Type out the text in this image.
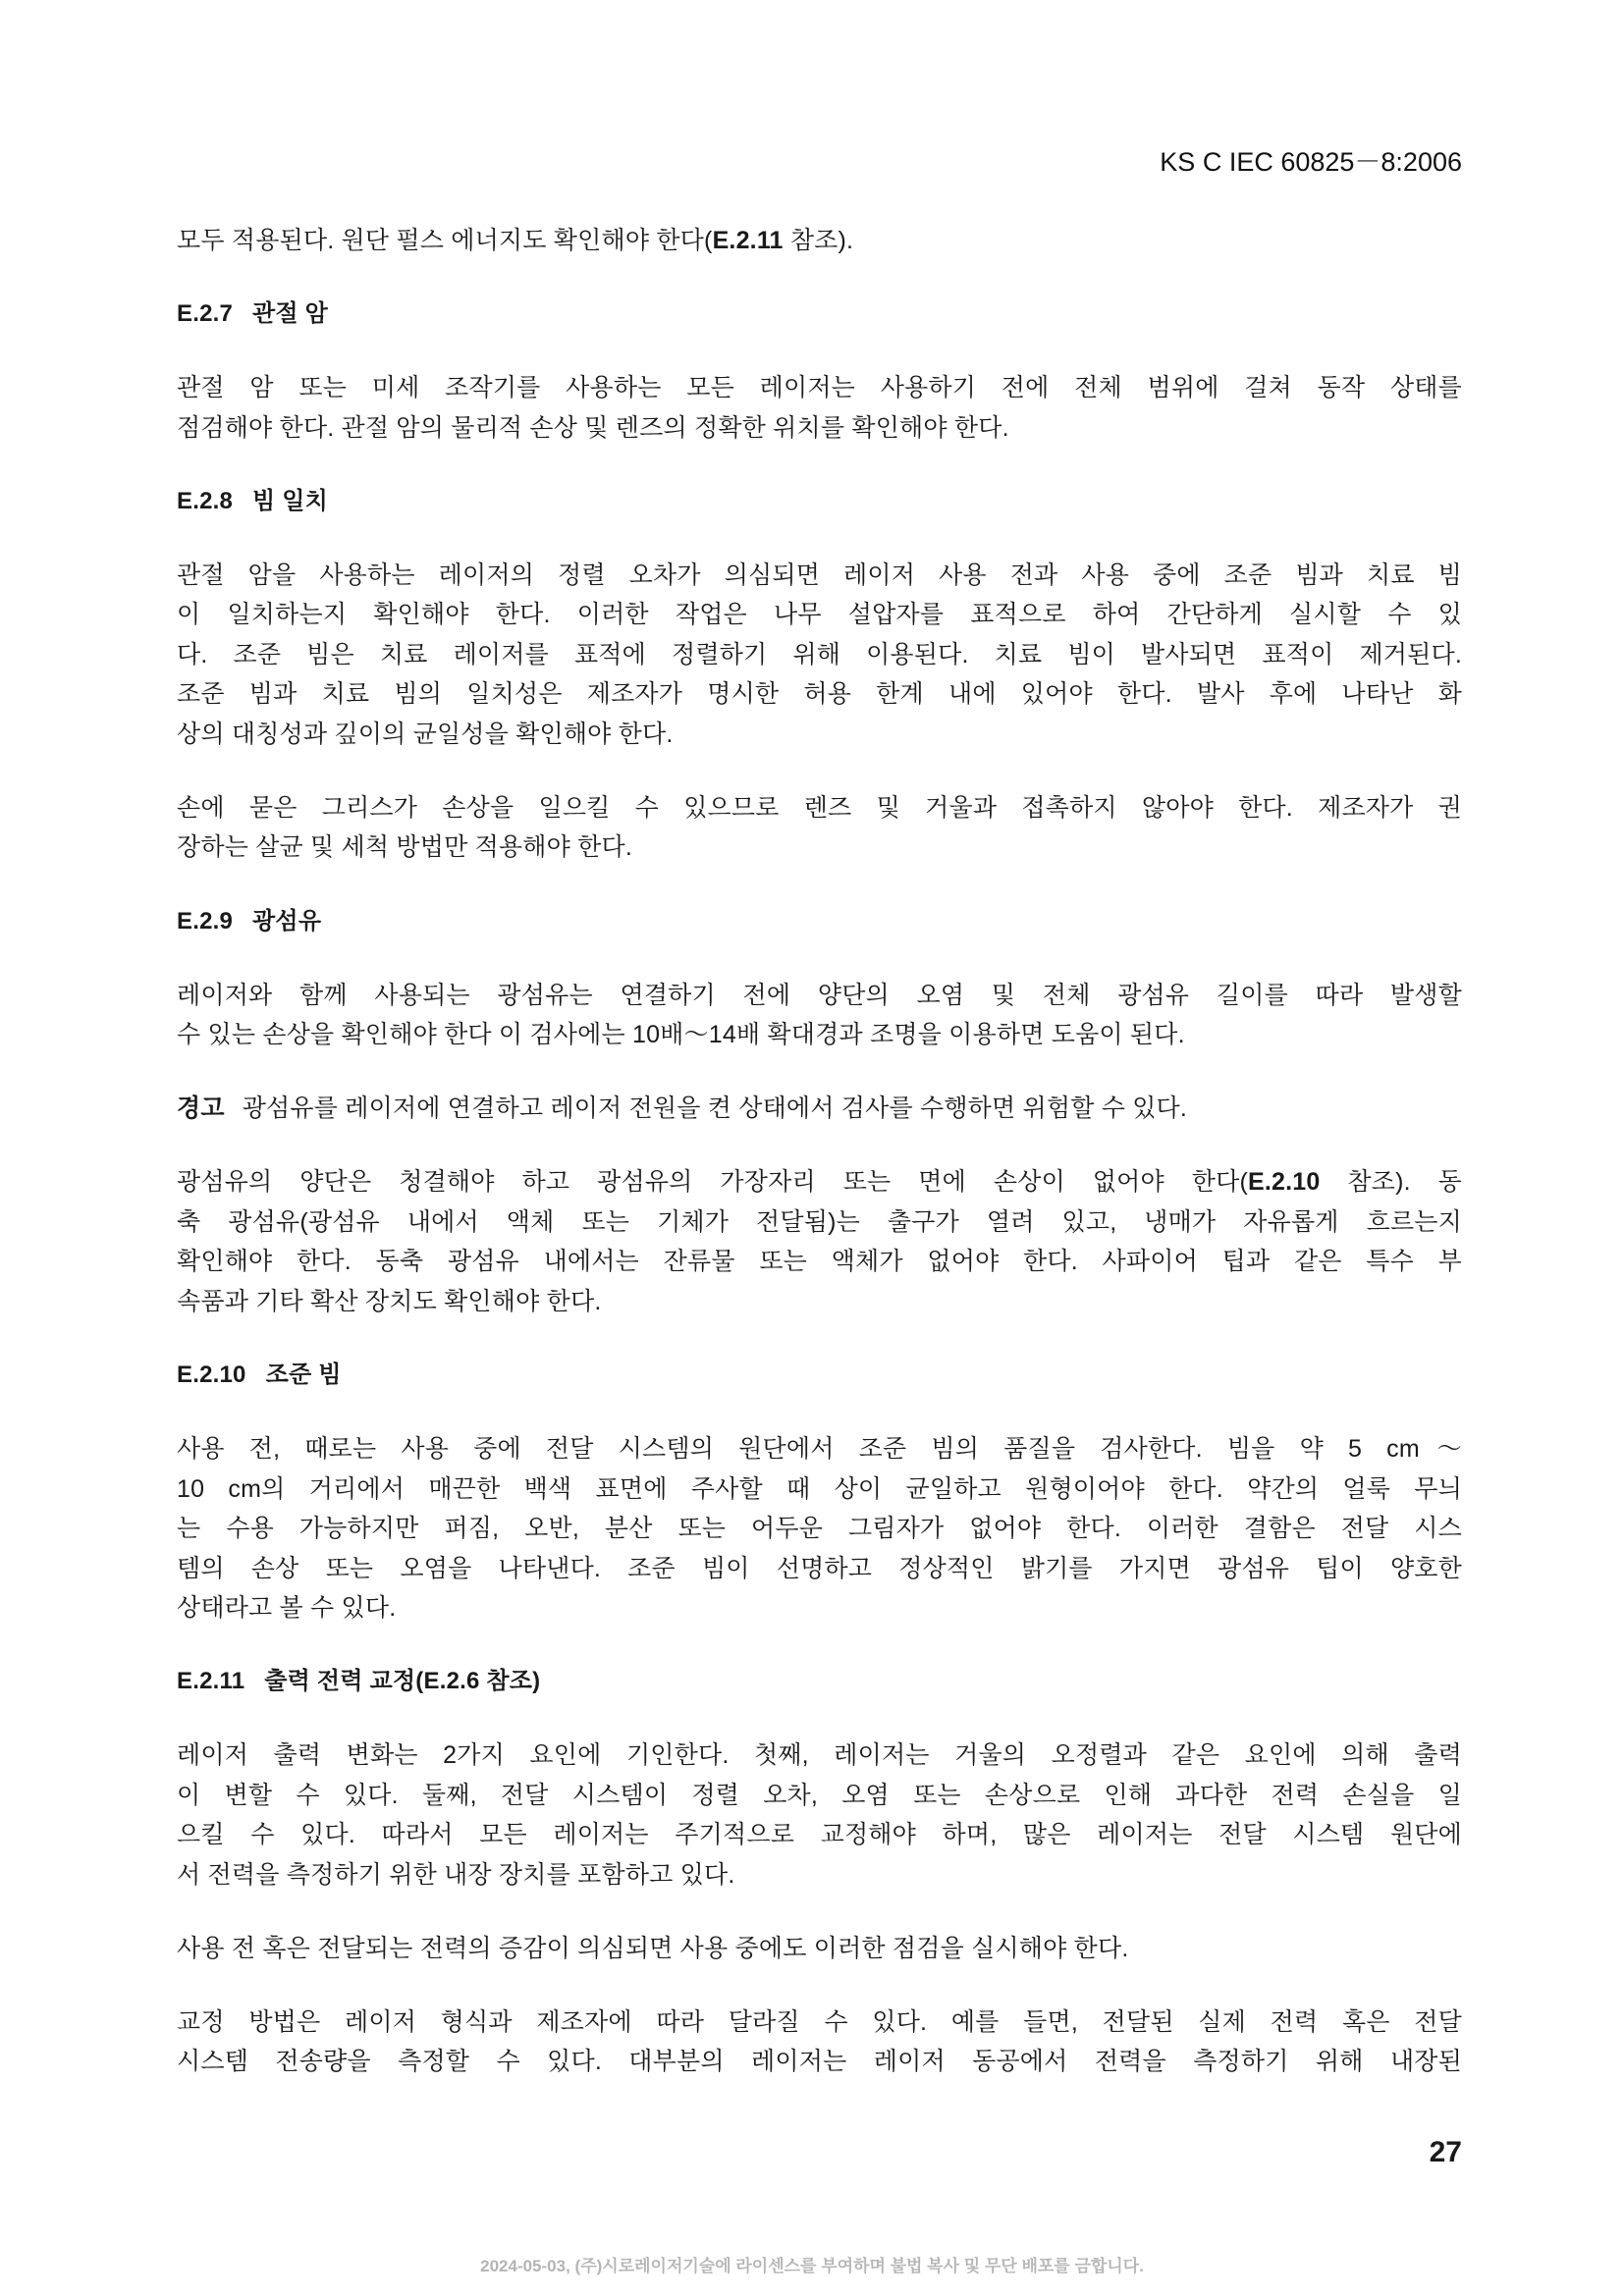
KS C IEC 60825－8:2006
모두 적용된다. 원단 펄스 에너지도 확인해야 한다(E.2.11 참조).
E.2.7 관절 암
관절 암 또는 미세 조작기를 사용하는 모든 레이저는 사용하기 전에 전체 범위에 걸쳐 동작 상태를
점검해야 한다. 관절 암의 물리적 손상 및 렌즈의 정확한 위치를 확인해야 한다.
E.2.8 빔 일치
관절 암을 사용하는 레이저의 정렬 오차가 의심되면 레이저 사용 전과 사용 중에 조준 빔과 치료 빔
이 일치하는지 확인해야 한다. 이러한 작업은 나무 설압자를 표적으로 하여 간단하게 실시할 수 있
다. 조준 빔은 치료 레이저를 표적에 정렬하기 위해 이용된다. 치료 빔이 발사되면 표적이 제거된다.
조준 빔과 치료 빔의 일치성은 제조자가 명시한 허용 한계 내에 있어야 한다. 발사 후에 나타난 화
상의 대칭성과 깊이의 균일성을 확인해야 한다.
손에 묻은 그리스가 손상을 일으킬 수 있으므로 렌즈 및 거울과 접촉하지 않아야 한다. 제조자가 권
장하는 살균 및 세척 방법만 적용해야 한다.
E.2.9 광섬유
레이저와 함께 사용되는 광섬유는 연결하기 전에 양단의 오염 및 전체 광섬유 길이를 따라 발생할
수 있는 손상을 확인해야 한다 이 검사에는 10배～14배 확대경과 조명을 이용하면 도움이 된다.
경고 광섬유를 레이저에 연결하고 레이저 전원을 켠 상태에서 검사를 수행하면 위험할 수 있다.
광섬유의 양단은 청결해야 하고 광섬유의 가장자리 또는 면에 손상이 없어야 한다(E.2.10 참조). 동
축 광섬유(광섬유 내에서 액체 또는 기체가 전달됨)는 출구가 열려 있고, 냉매가 자유롭게 흐르는지
확인해야 한다. 동축 광섬유 내에서는 잔류물 또는 액체가 없어야 한다. 사파이어 팁과 같은 특수 부
속품과 기타 확산 장치도 확인해야 한다.
E.2.10 조준 빔
사용 전, 때로는 사용 중에 전달 시스템의 원단에서 조준 빔의 품질을 검사한다. 빔을 약 5 cm～
10 cm의 거리에서 매끈한 백색 표면에 주사할 때 상이 균일하고 원형이어야 한다. 약간의 얼룩 무늬
는 수용 가능하지만 퍼짐, 오반, 분산 또는 어두운 그림자가 없어야 한다. 이러한 결함은 전달 시스
템의 손상 또는 오염을 나타낸다. 조준 빔이 선명하고 정상적인 밝기를 가지면 광섬유 팁이 양호한
상태라고 볼 수 있다.
E.2.11 출력 전력 교정(E.2.6 참조)
레이저 출력 변화는 2가지 요인에 기인한다. 첫째, 레이저는 거울의 오정렬과 같은 요인에 의해 출력
이 변할 수 있다. 둘째, 전달 시스템이 정렬 오차, 오염 또는 손상으로 인해 과다한 전력 손실을 일
으킬 수 있다. 따라서 모든 레이저는 주기적으로 교정해야 하며, 많은 레이저는 전달 시스템 원단에
서 전력을 측정하기 위한 내장 장치를 포함하고 있다.
사용 전 혹은 전달되는 전력의 증감이 의심되면 사용 중에도 이러한 점검을 실시해야 한다.
교정 방법은 레이저 형식과 제조자에 따라 달라질 수 있다. 예를 들면, 전달된 실제 전력 혹은 전달
시스템 전송량을 측정할 수 있다. 대부분의 레이저는 레이저 동공에서 전력을 측정하기 위해 내장된
27
2024-05-03, (주)시로레이저기술에 라이센스를 부여하며 불법 복사 및 무단 배포를 금합니다.
